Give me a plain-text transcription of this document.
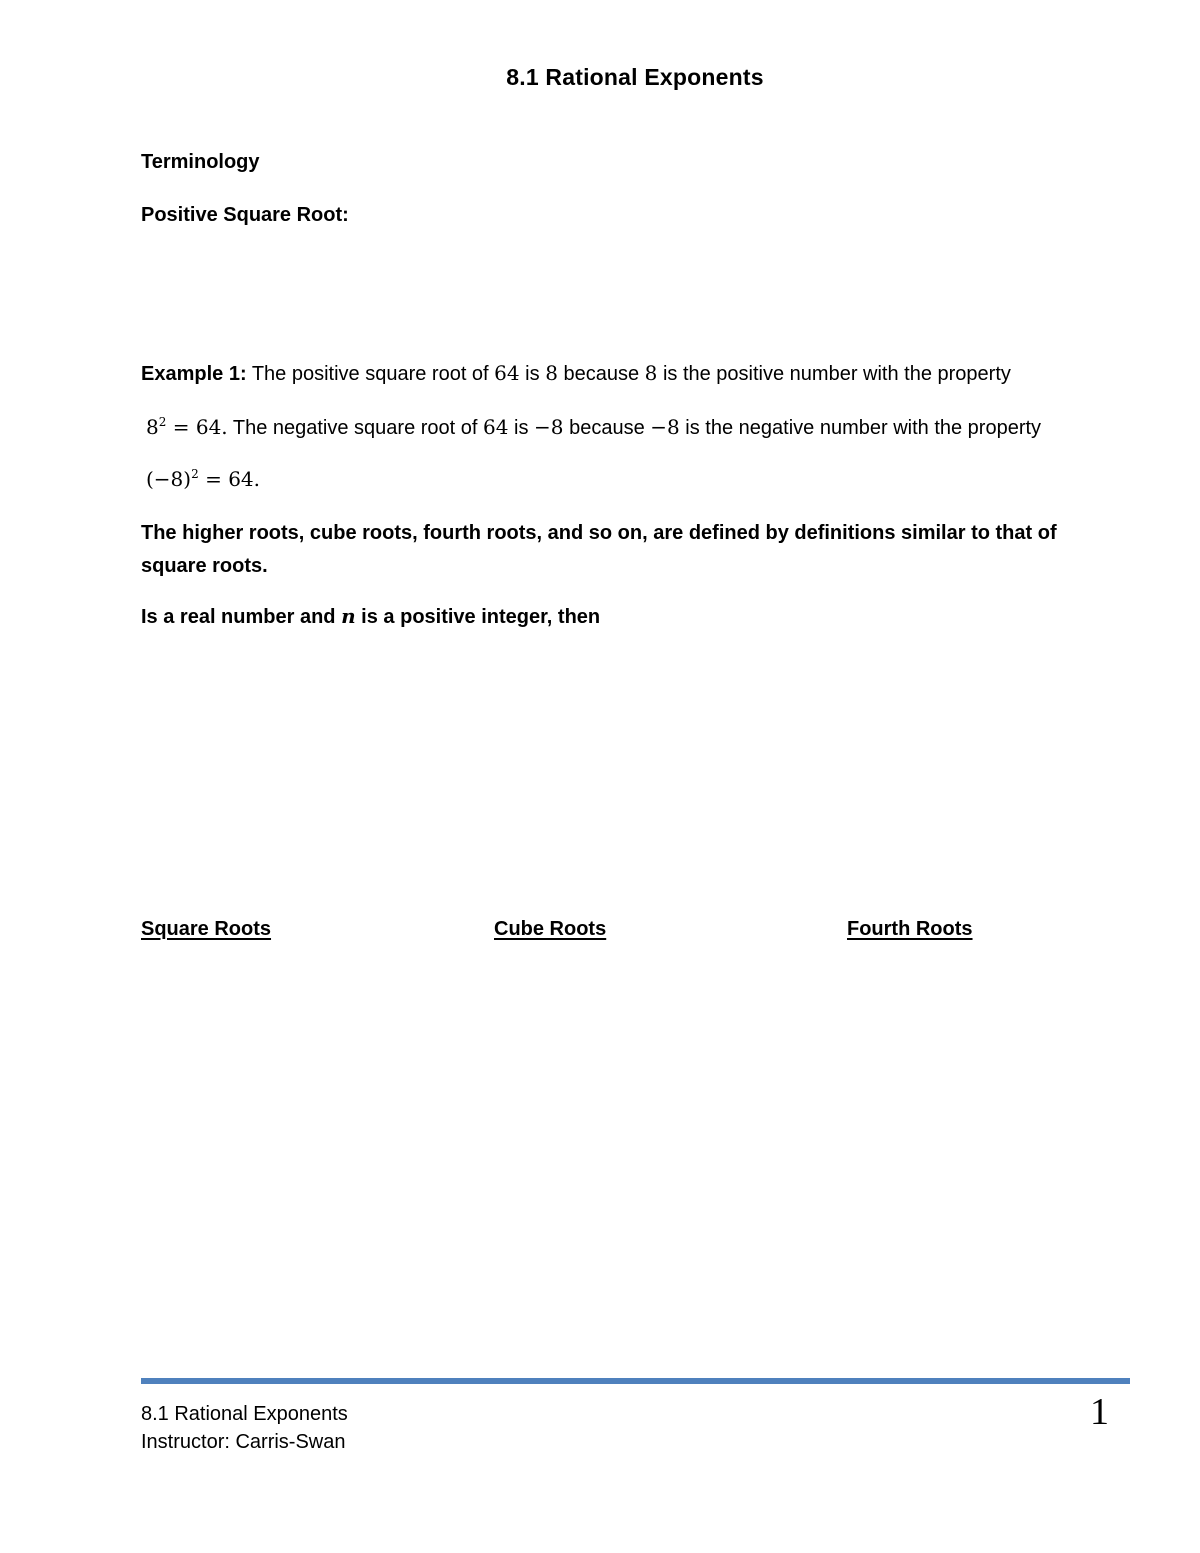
8.1 Rational Exponents
Terminology
Positive Square Root:
Example 1: The positive square root of 64 is 8 because 8 is the positive number with the property
$8^2 = 64$. The negative square root of 64 is −8 because −8 is the negative number with the property
$(-8)^2 = 64$.
The higher roots, cube roots, fourth roots, and so on, are defined by definitions similar to that of square roots.
Is a real number and n is a positive integer, then
Square Roots	Cube Roots	Fourth Roots
8.1 Rational Exponents
Instructor: Carris-Swan
1
